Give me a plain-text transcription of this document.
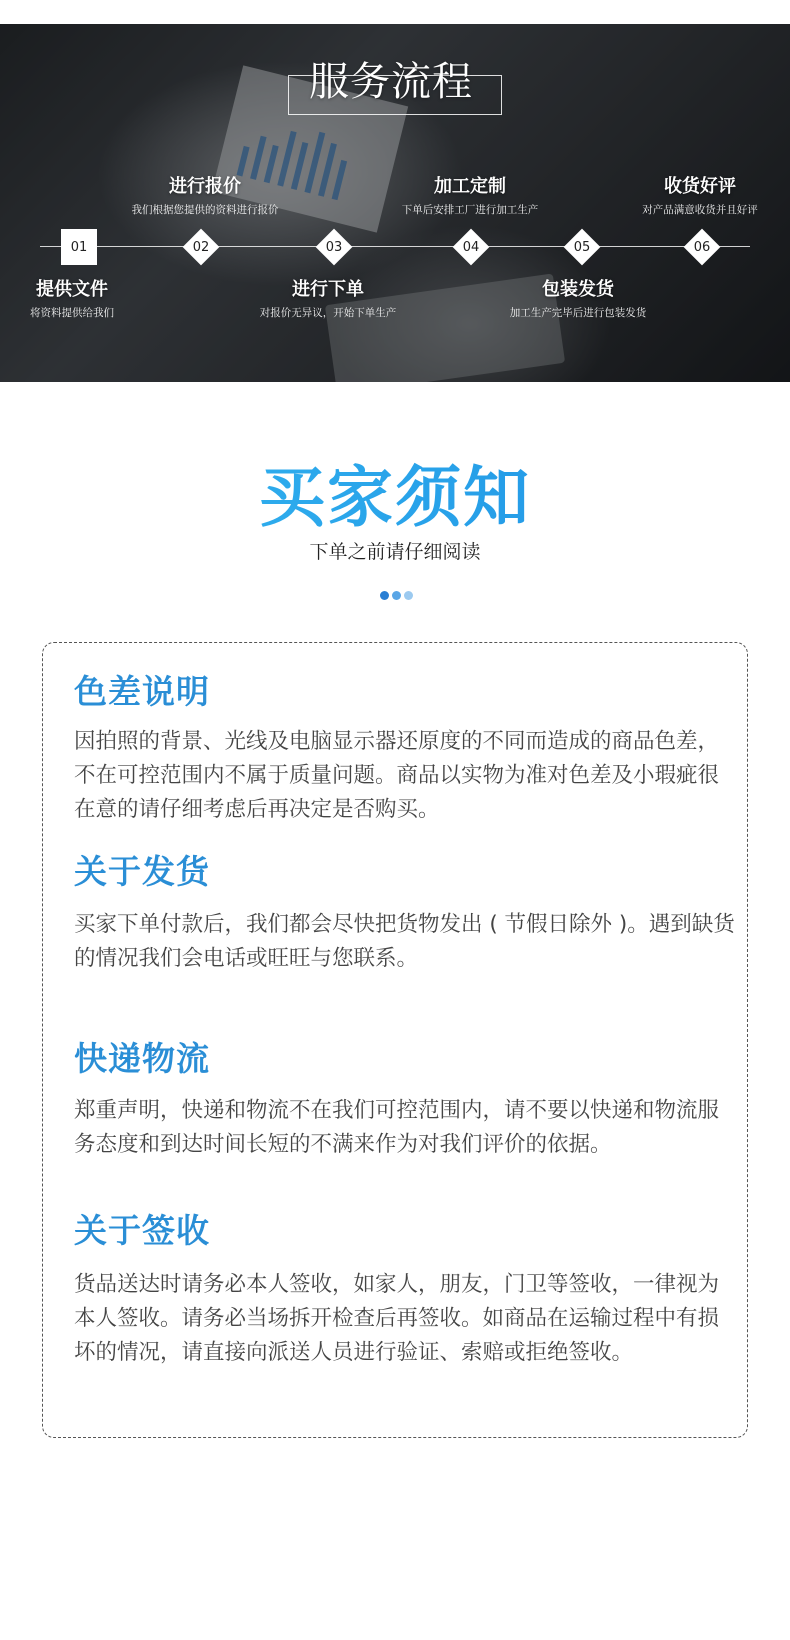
服务流程
进行报价
我们根据您提供的资料进行报价
加工定制
下单后安排工厂进行加工生产
收货好评
对产品满意收货并且好评
01	02	03	04	05	06
提供文件
将资料提供给我们
进行下单
对报价无异议，开始下单生产
包装发货
加工生产完毕后进行包装发货
买家须知
下单之前请仔细阅读
色差说明
因拍照的背景、光线及电脑显示器还原度的不同而造成的商品色差，不在可控范围内不属于质量问题。商品以实物为准对色差及小瑕疵很在意的请仔细考虑后再决定是否购买。
关于发货
买家下单付款后，我们都会尽快把货物发出 ( 节假日除外 )。遇到缺货的情况我们会电话或旺旺与您联系。
快递物流
郑重声明，快递和物流不在我们可控范围内，请不要以快递和物流服务态度和到达时间长短的不满来作为对我们评价的依据。
关于签收
货品送达时请务必本人签收，如家人，朋友，门卫等签收，一律视为本人签收。请务必当场拆开检查后再签收。如商品在运输过程中有损坏的情况，请直接向派送人员进行验证、索赔或拒绝签收。
